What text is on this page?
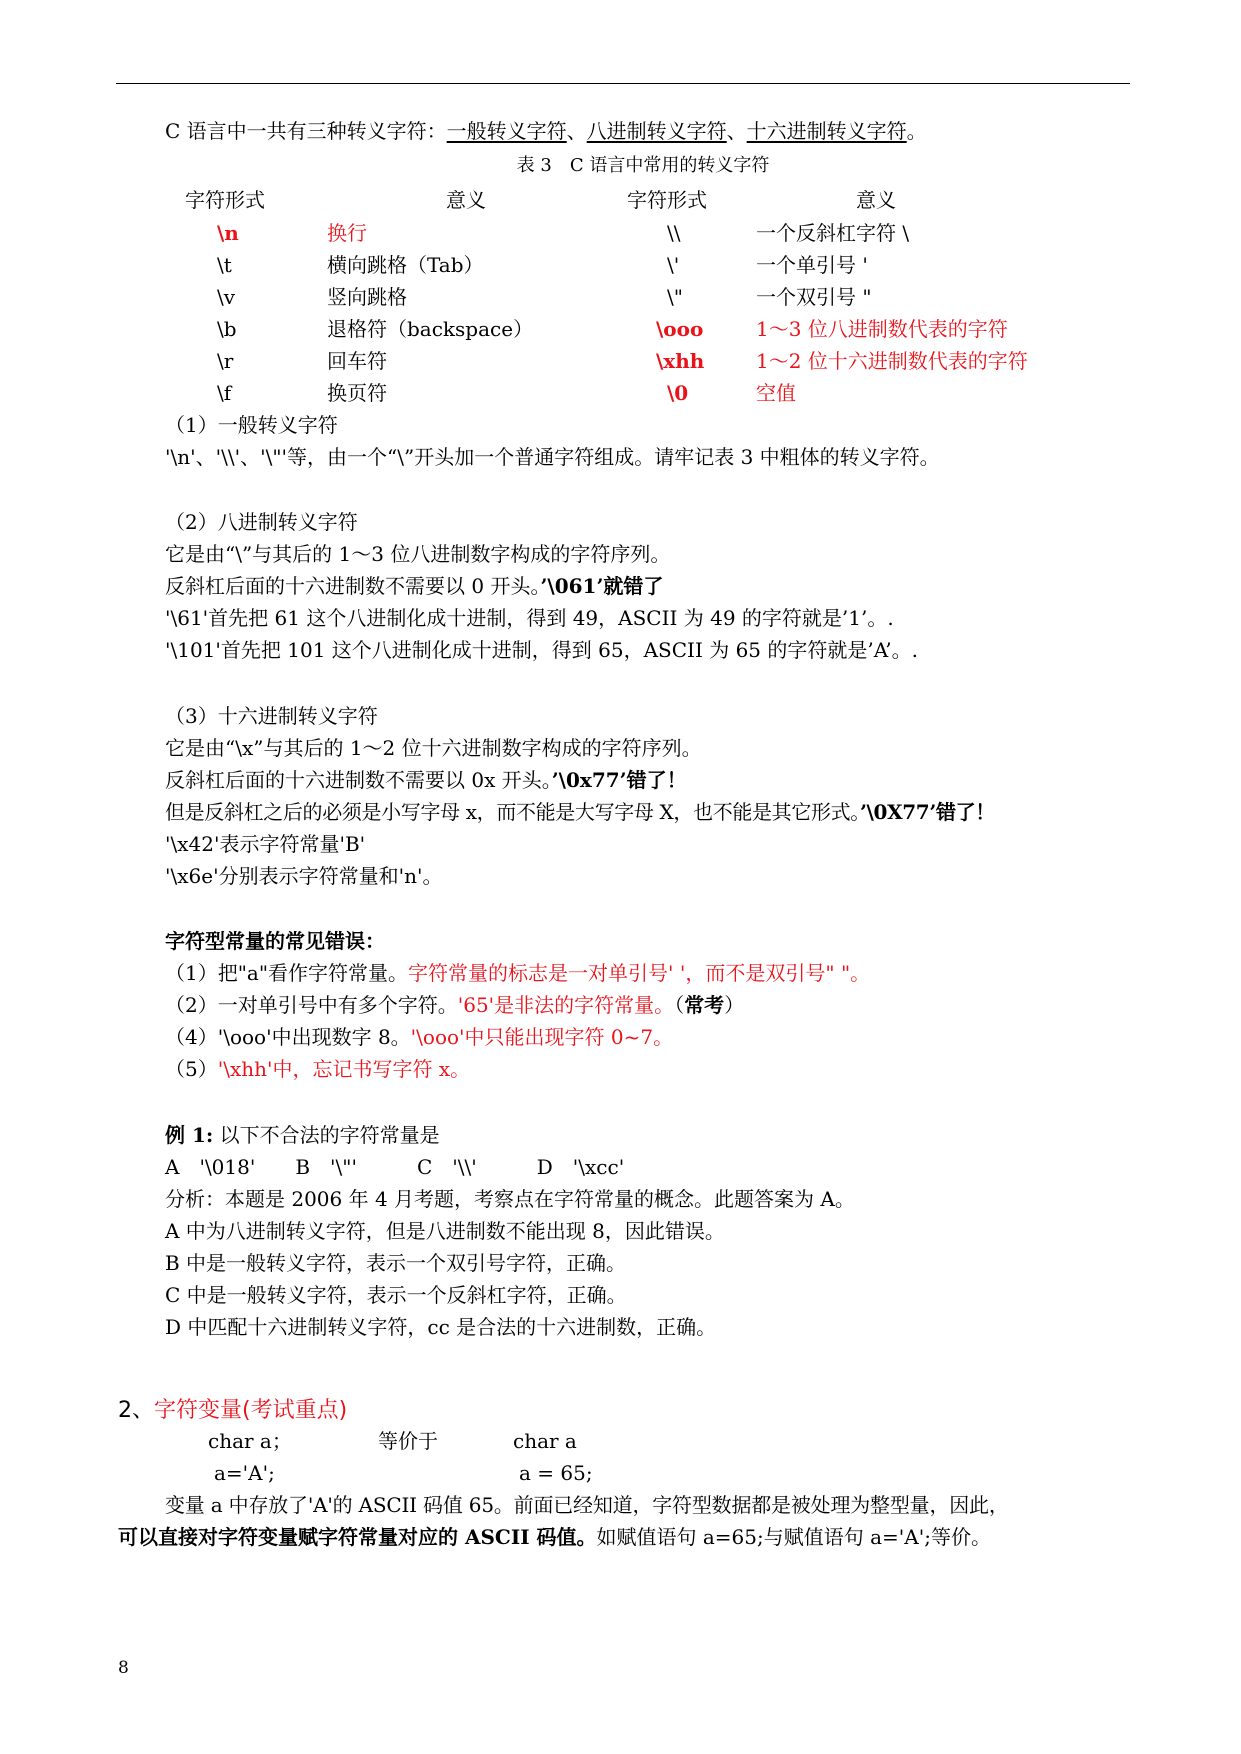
C 语言中一共有三种转义字符：一般转义字符、八进制转义字符、十六进制转义字符。
表 3　C 语言中常用的转义字符
字符形式	意义	字符形式	意义
\n	换行	\\	一个反斜杠字符 \
\t	横向跳格（Tab）	\'	一个单引号 '
\v	竖向跳格	\"	一个双引号 "
\b	退格符（backspace）	\ooo	1～3 位八进制数代表的字符
\r	回车符	\xhh	1～2 位十六进制数代表的字符
\f	换页符	\0	空值
（1）一般转义字符
'\n'、'\\'、'\"'等，由一个“\”开头加一个普通字符组成。请牢记表 3 中粗体的转义字符。
（2）八进制转义字符
它是由“\”与其后的 1～3 位八进制数字构成的字符序列。
反斜杠后面的十六进制数不需要以 0 开头。’\061’就错了
'\61'首先把 61 这个八进制化成十进制，得到 49，ASCII 为 49 的字符就是’1’。.
'\101'首先把 101 这个八进制化成十进制，得到 65，ASCII 为 65 的字符就是’A’。.
（3）十六进制转义字符
它是由“\x”与其后的 1～2 位十六进制数字构成的字符序列。
反斜杠后面的十六进制数不需要以 0x 开头。’\0x77’错了！
但是反斜杠之后的必须是小写字母 x，而不能是大写字母 X，也不能是其它形式。’\0X77’错了！
'\x42'表示字符常量'B'
'\x6e'分别表示字符常量和'n'。
字符型常量的常见错误：
（1）把"a"看作字符常量。字符常量的标志是一对单引号' '，而不是双引号" "。
（2）一对单引号中有多个字符。'65'是非法的字符常量。（常考）
（4）'\ooo'中出现数字 8。'\ooo'中只能出现字符 0~7。
（5）'\xhh'中，忘记书写字符 x。
例 1: 以下不合法的字符常量是
A　'\018'　　B　'\"'　　　C　'\\'　　　D　'\xcc'
分析：本题是 2006 年 4 月考题，考察点在字符常量的概念。此题答案为 A。
A 中为八进制转义字符，但是八进制数不能出现 8，因此错误。
B 中是一般转义字符，表示一个双引号字符，正确。
C 中是一般转义字符，表示一个反斜杠字符，正确。
D 中匹配十六进制转义字符，cc 是合法的十六进制数，正确。
2、字符变量(考试重点)
char a；	等价于	char a
a='A';	a = 65;
变量 a 中存放了'A'的 ASCII 码值 65。前面已经知道，字符型数据都是被处理为整型量，因此，
可以直接对字符变量赋字符常量对应的 ASCII 码值。如赋值语句 a=65;与赋值语句 a='A';等价。
8
